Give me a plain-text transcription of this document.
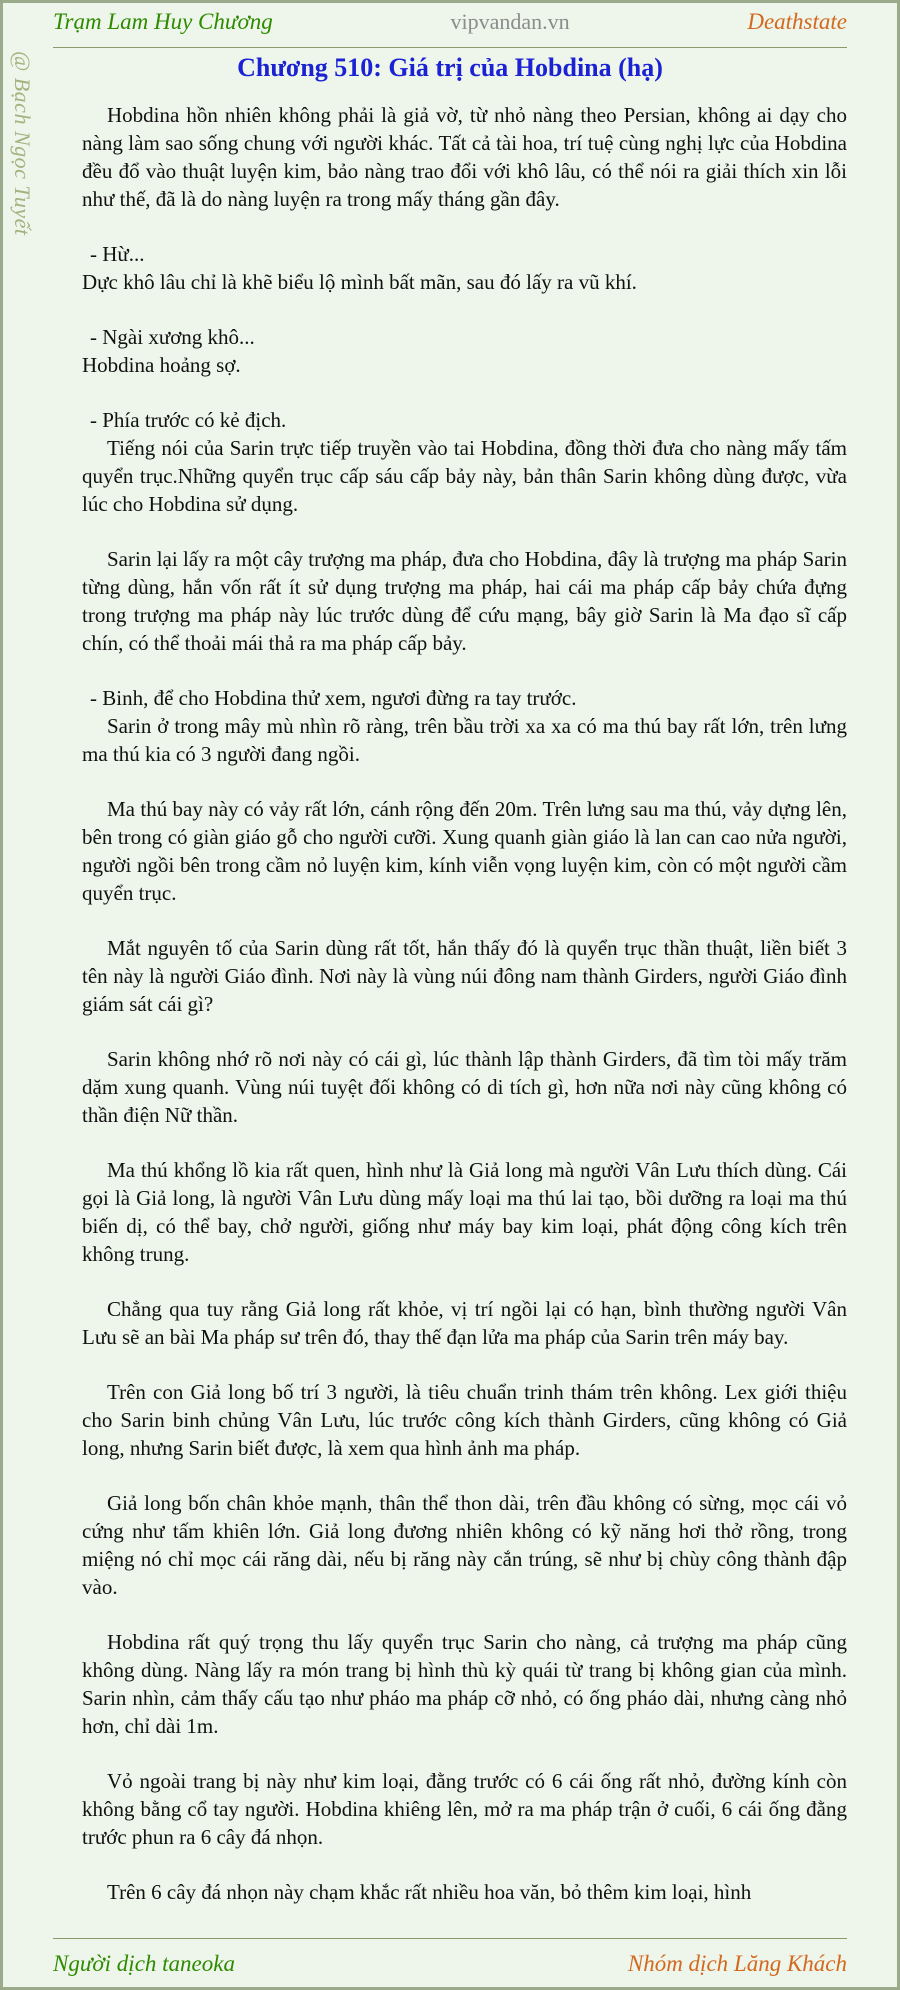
Trạm Lam Huy Chương	vipvandan.vn	Deathstate
@ Bạch Ngọc Tuyết	Chương 510: Giá trị của Hobdina (hạ)

Hobdina hồn nhiên không phải là giả vờ, từ nhỏ nàng theo Persian, không ai dạy cho nàng làm sao sống chung với người khác. Tất cả tài hoa, trí tuệ cùng nghị lực của Hobdina đều đổ vào thuật luyện kim, bảo nàng trao đổi với khô lâu, có thể nói ra giải thích xin lỗi như thế, đã là do nàng luyện ra trong mấy tháng gần đây.

- Hừ...

Dực khô lâu chỉ là khẽ biểu lộ mình bất mãn, sau đó lấy ra vũ khí.

- Ngài xương khô...

Hobdina hoảng sợ.

- Phía trước có kẻ địch.

Tiếng nói của Sarin trực tiếp truyền vào tai Hobdina, đồng thời đưa cho nàng mấy tấm quyển trục.Những quyển trục cấp sáu cấp bảy này, bản thân Sarin không dùng được, vừa lúc cho Hobdina sử dụng.

Sarin lại lấy ra một cây trượng ma pháp, đưa cho Hobdina, đây là trượng ma pháp Sarin từng dùng, hắn vốn rất ít sử dụng trượng ma pháp, hai cái ma pháp cấp bảy chứa đựng trong trượng ma pháp này lúc trước dùng để cứu mạng, bây giờ Sarin là Ma đạo sĩ cấp chín, có thể thoải mái thả ra ma pháp cấp bảy.

- Binh, để cho Hobdina thử xem, ngươi đừng ra tay trước.

Sarin ở trong mây mù nhìn rõ ràng, trên bầu trời xa xa có ma thú bay rất lớn, trên lưng ma thú kia có 3 người đang ngồi.

Ma thú bay này có vảy rất lớn, cánh rộng đến 20m. Trên lưng sau ma thú, vảy dựng lên, bên trong có giàn giáo gỗ cho người cưỡi. Xung quanh giàn giáo là lan can cao nửa người, người ngồi bên trong cầm nỏ luyện kim, kính viễn vọng luyện kim, còn có một người cầm quyển trục.

Mắt nguyên tố của Sarin dùng rất tốt, hắn thấy đó là quyển trục thần thuật, liền biết 3 tên này là người Giáo đình. Nơi này là vùng núi đông nam thành Girders, người Giáo đình giám sát cái gì?

Sarin không nhớ rõ nơi này có cái gì, lúc thành lập thành Girders, đã tìm tòi mấy trăm dặm xung quanh. Vùng núi tuyệt đối không có di tích gì, hơn nữa nơi này cũng không có thần điện Nữ thần.

Ma thú khổng lồ kia rất quen, hình như là Giả long mà người Vân Lưu thích dùng. Cái gọi là Giả long, là người Vân Lưu dùng mấy loại ma thú lai tạo, bồi dưỡng ra loại ma thú biến dị, có thể bay, chở người, giống như máy bay kim loại, phát động công kích trên không trung.

Chẳng qua tuy rằng Giả long rất khỏe, vị trí ngồi lại có hạn, bình thường người Vân Lưu sẽ an bài Ma pháp sư trên đó, thay thế đạn lửa ma pháp của Sarin trên máy bay.

Trên con Giả long bố trí 3 người, là tiêu chuẩn trinh thám trên không. Lex giới thiệu cho Sarin binh chủng Vân Lưu, lúc trước công kích thành Girders, cũng không có Giả long, nhưng Sarin biết được, là xem qua hình ảnh ma pháp.

Giả long bốn chân khỏe mạnh, thân thể thon dài, trên đầu không có sừng, mọc cái vỏ cứng như tấm khiên lớn. Giả long đương nhiên không có kỹ năng hơi thở rồng, trong miệng nó chỉ mọc cái răng dài, nếu bị răng này cắn trúng, sẽ như bị chùy công thành đập vào.

Hobdina rất quý trọng thu lấy quyển trục Sarin cho nàng, cả trượng ma pháp cũng không dùng. Nàng lấy ra món trang bị hình thù kỳ quái từ trang bị không gian của mình. Sarin nhìn, cảm thấy cấu tạo như pháo ma pháp cỡ nhỏ, có ống pháo dài, nhưng càng nhỏ hơn, chỉ dài 1m.

Vỏ ngoài trang bị này như kim loại, đằng trước có 6 cái ống rất nhỏ, đường kính còn không bằng cổ tay người. Hobdina khiêng lên, mở ra ma pháp trận ở cuối, 6 cái ống đằng trước phun ra 6 cây đá nhọn.

Trên 6 cây đá nhọn này chạm khắc rất nhiều hoa văn, bỏ thêm kim loại, hình

Người dịch taneoka	Nhóm dịch Lăng Khách
